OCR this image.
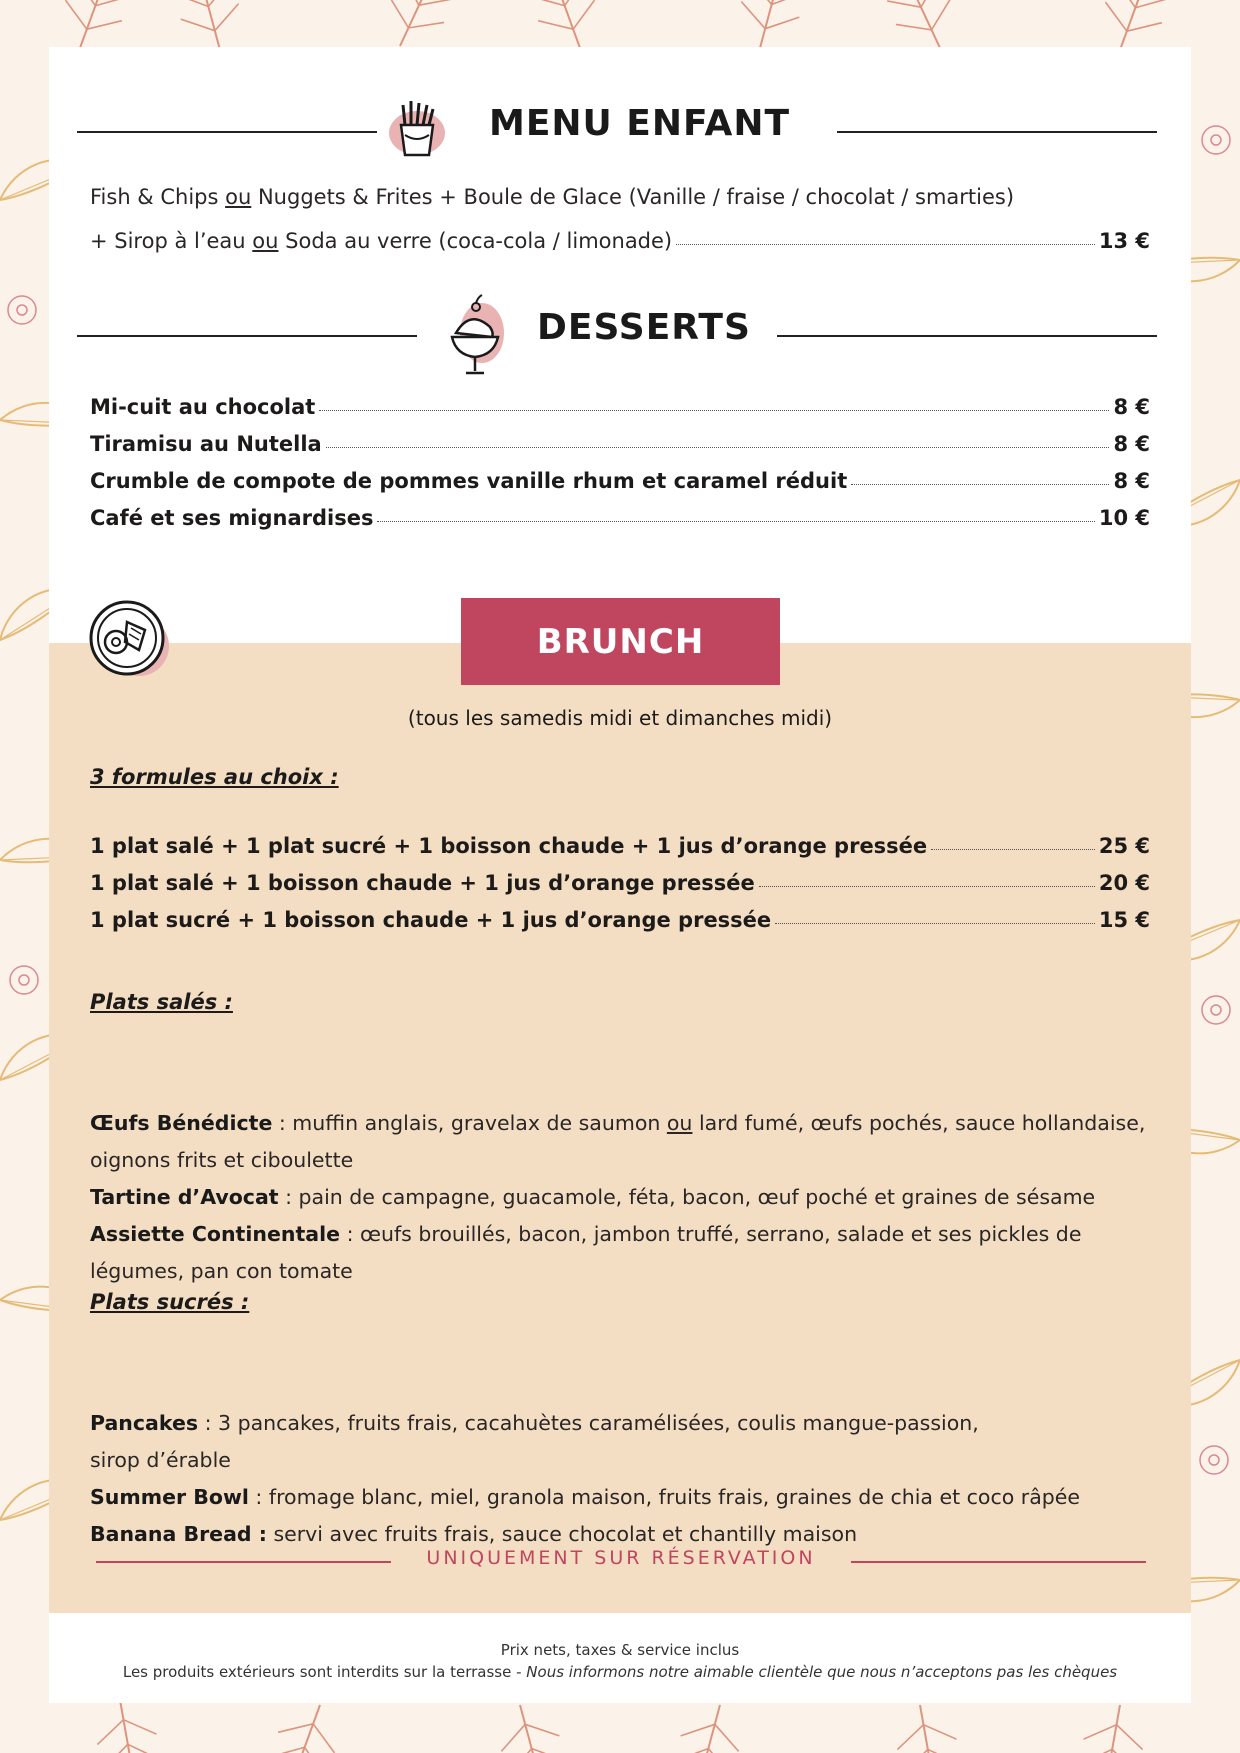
MENU ENFANT
Fish & Chips ou Nuggets & Frites + Boule de Glace (Vanille / fraise / chocolat / smarties)
+ Sirop à l’eau ou Soda au verre (coca-cola / limonade)	13 €
DESSERTS
Mi-cuit au chocolat	8 €
Tiramisu au Nutella	8 €
Crumble de compote de pommes vanille rhum et caramel réduit	8 €
Café et ses mignardises	10 €
BRUNCH
(tous les samedis midi et dimanches midi)
3 formules au choix :
1 plat salé + 1 plat sucré + 1 boisson chaude + 1 jus d’orange pressée	25 €
1 plat salé + 1 boisson chaude + 1 jus d’orange pressée	20 €
1 plat sucré + 1 boisson chaude + 1 jus d’orange pressée	15 €
Plats salés :
Œufs Bénédicte : muffin anglais, gravelax de saumon ou lard fumé, œufs pochés, sauce hollandaise, oignons frits et ciboulette
Tartine d’Avocat : pain de campagne, guacamole, féta, bacon, œuf poché et graines de sésame
Assiette Continentale : œufs brouillés, bacon, jambon truffé, serrano, salade et ses pickles de légumes, pan con tomate
Plats sucrés :
Pancakes : 3 pancakes, fruits frais, cacahuètes caramélisées, coulis mangue-passion,
sirop d’érable
Summer Bowl : fromage blanc, miel, granola maison, fruits frais, graines de chia et coco râpée
Banana Bread : servi avec fruits frais, sauce chocolat et chantilly maison
UNIQUEMENT SUR RÉSERVATION
Prix nets, taxes & service inclus
Les produits extérieurs sont interdits sur la terrasse - Nous informons notre aimable clientèle que nous n’acceptons pas les chèques
